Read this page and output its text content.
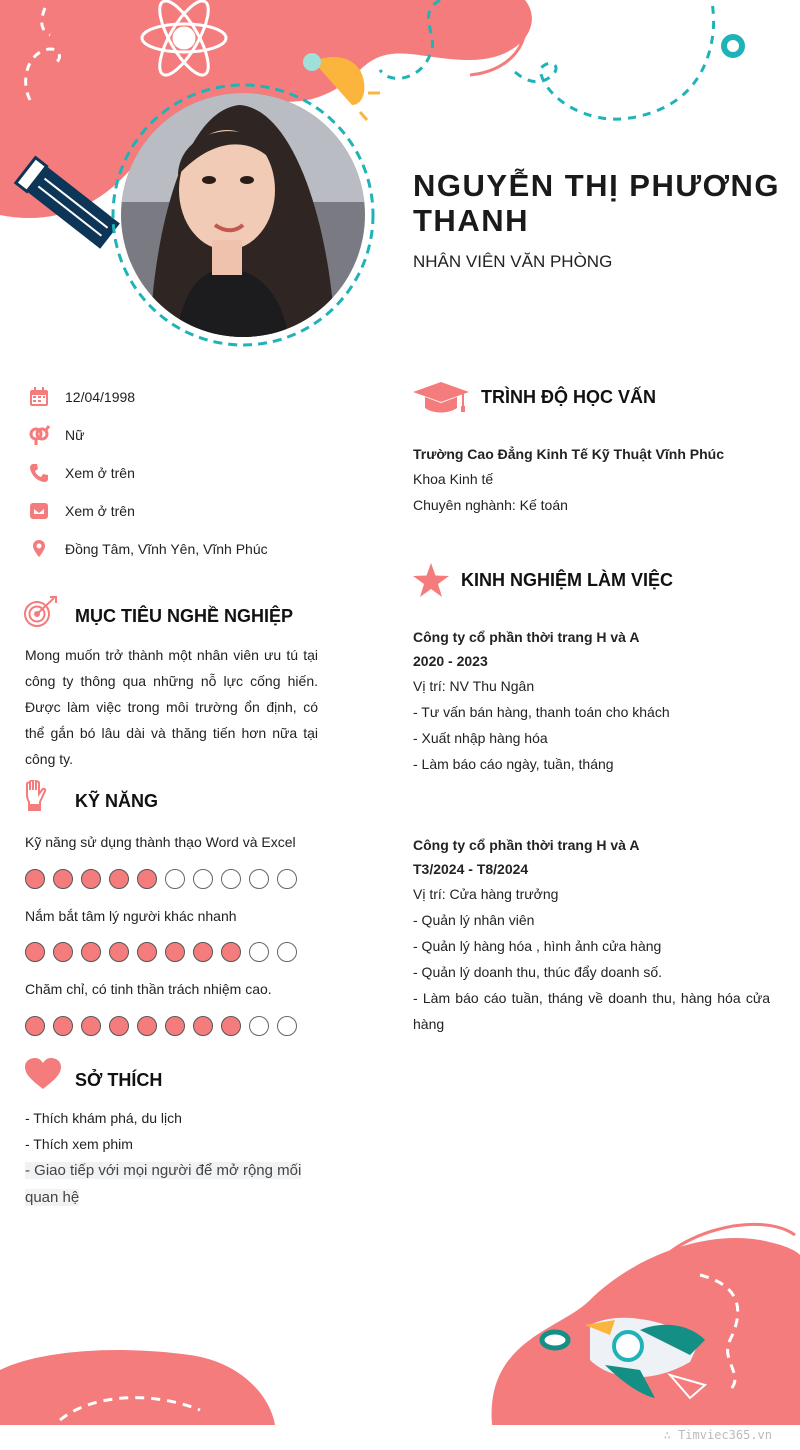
NGUYỄN THỊ PHƯƠNG THANH
NHÂN VIÊN VĂN PHÒNG
12/04/1998
Nữ
Xem ở trên
Xem ở trên
Đồng Tâm, Vĩnh Yên, Vĩnh Phúc
MỤC TIÊU NGHỀ NGHIỆP
Mong muốn trở thành một nhân viên ưu tú tại công ty thông qua những nỗ lực cống hiến. Được làm việc trong môi trường ổn định, có thể gắn bó lâu dài và thăng tiến hơn nữa tại công ty.
KỸ NĂNG
Kỹ năng sử dụng thành thạo Word và Excel
Nắm bắt tâm lý người khác nhanh
Chăm chỉ, có tinh thần trách nhiệm cao.
SỞ THÍCH
- Thích khám phá, du lịch
- Thích xem phim
- Giao tiếp với mọi người để mở rộng mối quan hệ
TRÌNH ĐỘ HỌC VẤN
Trường Cao Đẳng Kinh Tế Kỹ Thuật Vĩnh Phúc
Khoa Kinh tế
Chuyên nghành: Kế toán
KINH NGHIỆM LÀM VIỆC
Công ty cổ phần thời trang H và A
2020 - 2023
Vị trí: NV Thu Ngân
- Tư vấn bán hàng, thanh toán cho khách
- Xuất nhập hàng hóa
- Làm báo cáo ngày, tuần, tháng
Công ty cổ phần thời trang H và A
T3/2024 - T8/2024
Vị trí: Cửa hàng trưởng
- Quản lý nhân viên
- Quản lý hàng hóa , hình ảnh cửa hàng
- Quản lý doanh thu, thúc đẩy doanh số.
- Làm báo cáo tuần, tháng về doanh thu, hàng hóa cửa hàng
∴ Timviec365.vn
